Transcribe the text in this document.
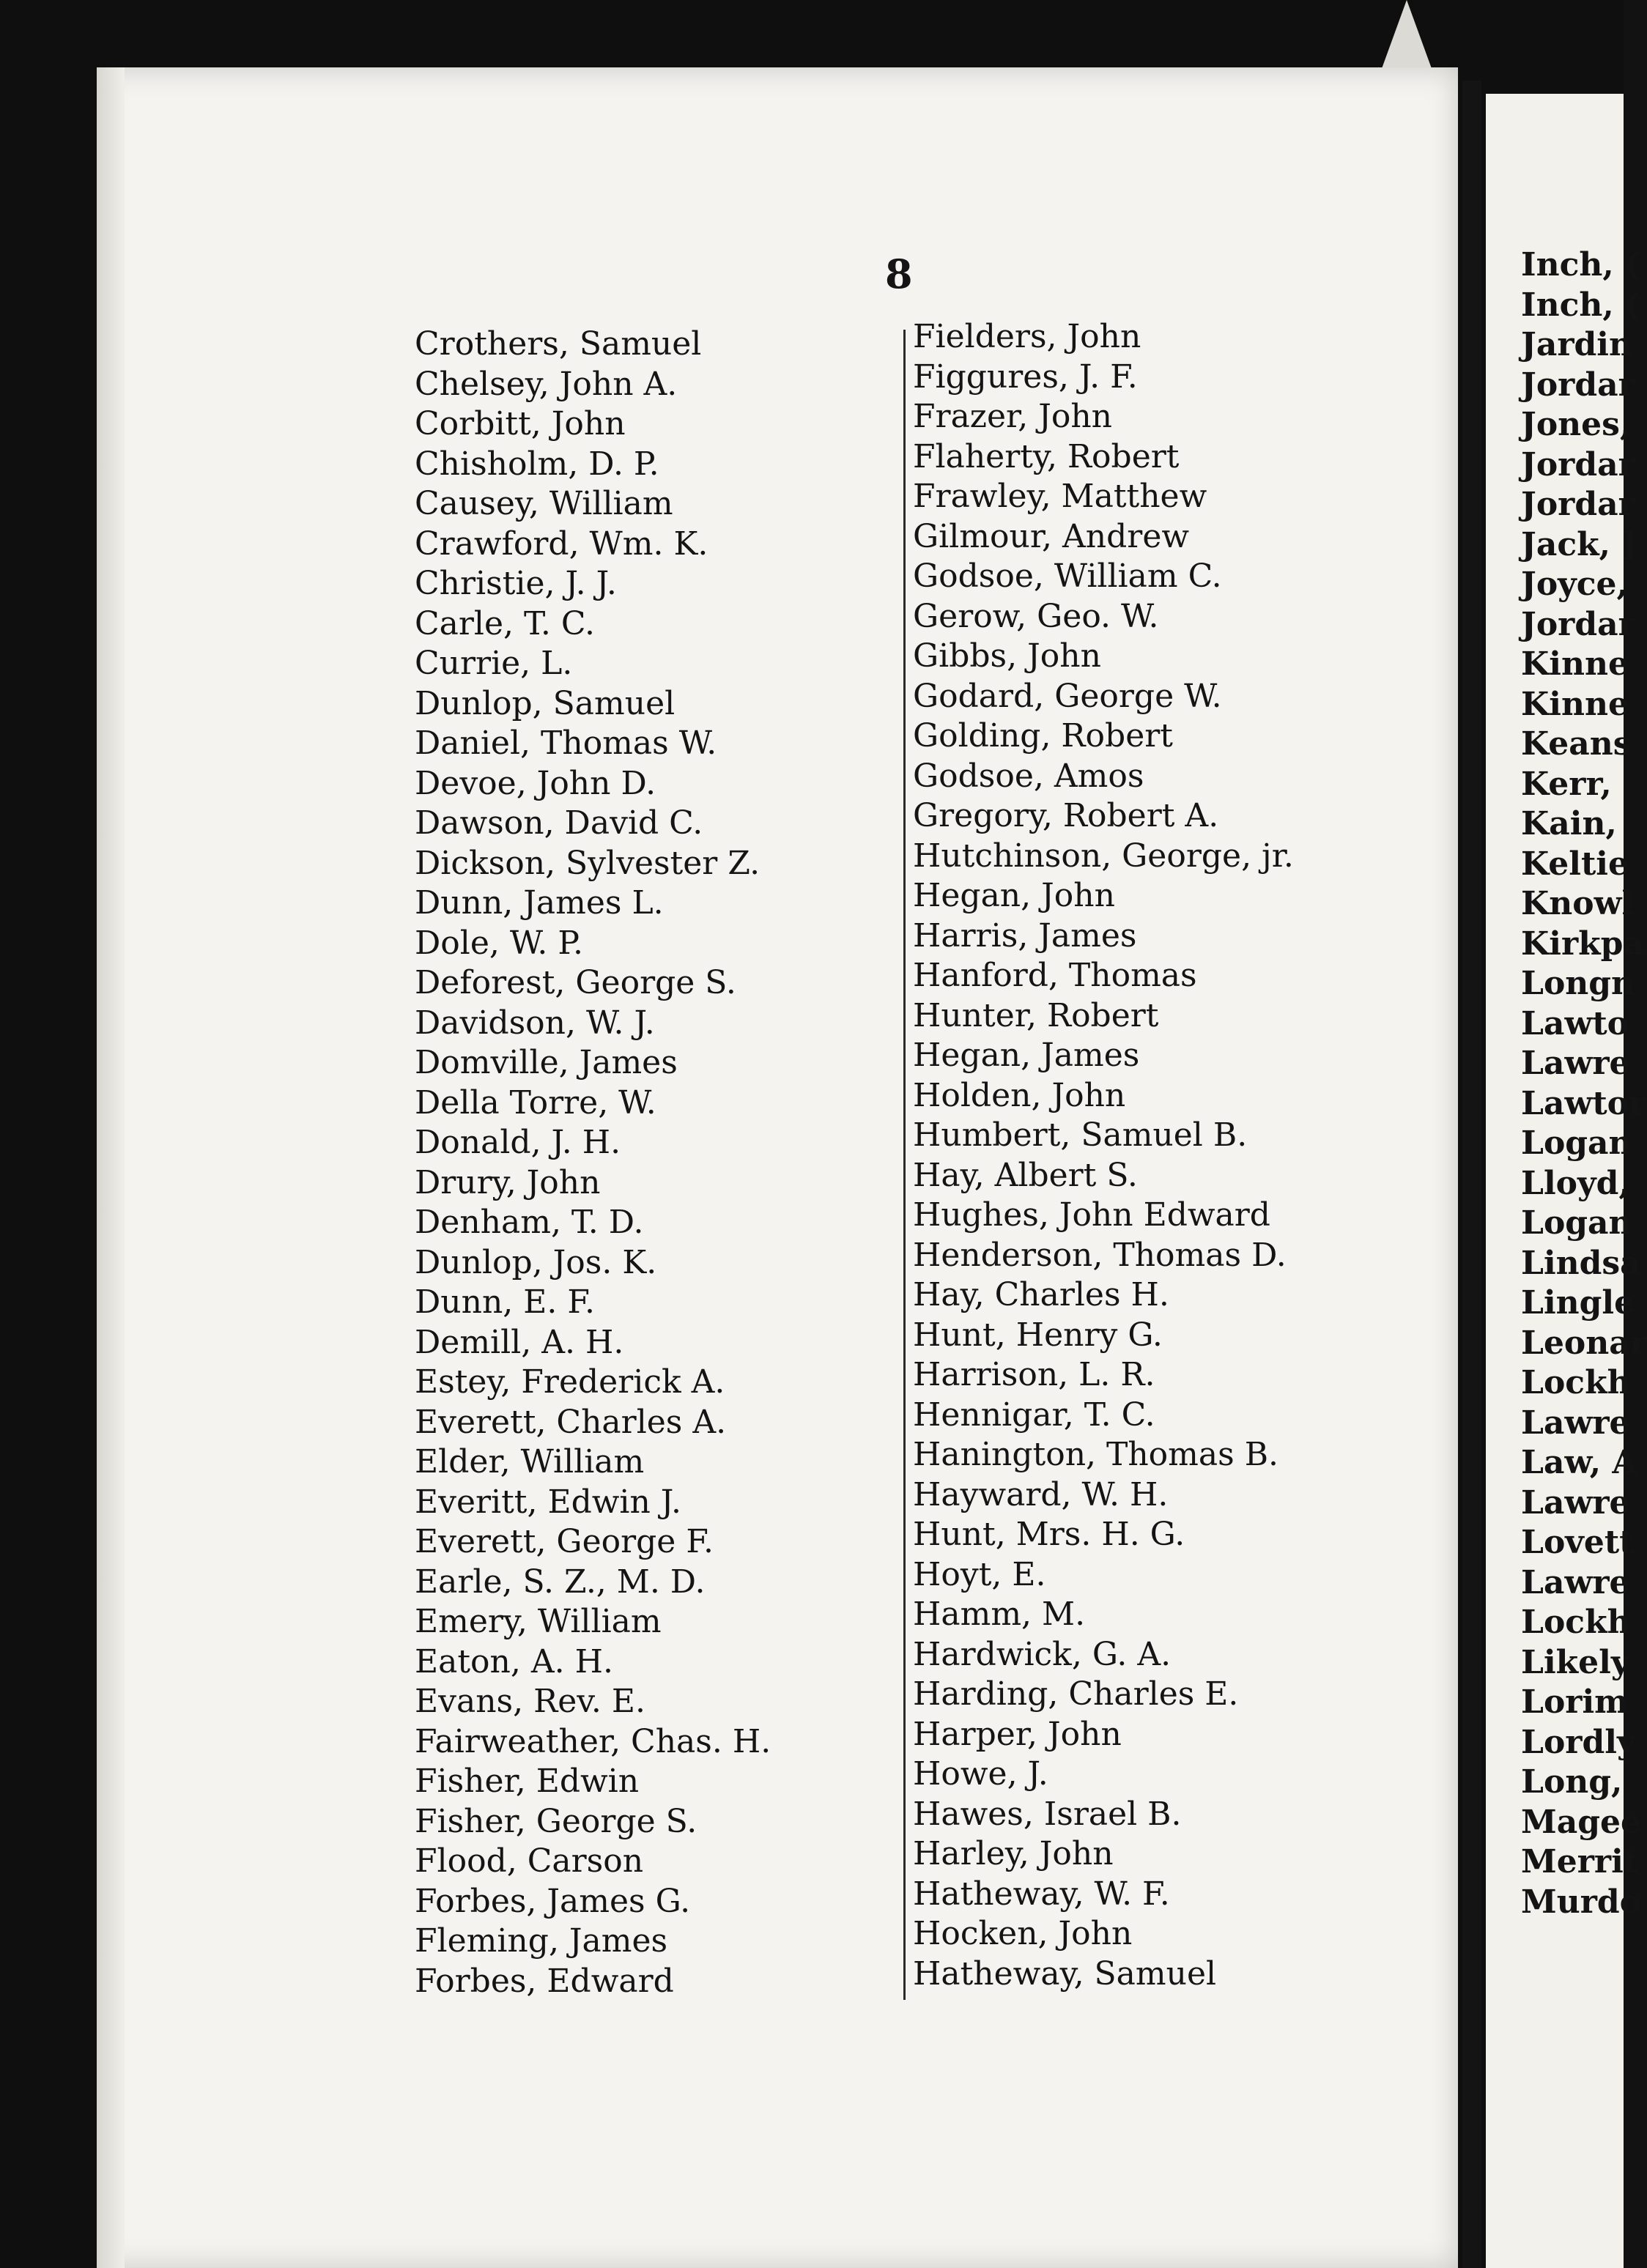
8
Crothers, Samuel
Chelsey, John A.
Corbitt, John
Chisholm, D. P.
Causey, William
Crawford, Wm. K.
Christie, J. J.
Carle, T. C.
Currie, L.
Dunlop, Samuel
Daniel, Thomas W.
Devoe, John D.
Dawson, David C.
Dickson, Sylvester Z.
Dunn, James L.
Dole, W. P.
Deforest, George S.
Davidson, W. J.
Domville, James
Della Torre, W.
Donald, J. H.
Drury, John
Denham, T. D.
Dunlop, Jos. K.
Dunn, E. F.
Demill, A. H.
Estey, Frederick A.
Everett, Charles A.
Elder, William
Everitt, Edwin J.
Everett, George F.
Earle, S. Z., M. D.
Emery, William
Eaton, A. H.
Evans, Rev. E.
Fairweather, Chas. H.
Fisher, Edwin
Fisher, George S.
Flood, Carson
Forbes, James G.
Fleming, James
Forbes, Edward
Fielders, John
Figgures, J. F.
Frazer, John
Flaherty, Robert
Frawley, Matthew
Gilmour, Andrew
Godsoe, William C.
Gerow, Geo. W.
Gibbs, John
Godard, George W.
Golding, Robert
Godsoe, Amos
Gregory, Robert A.
Hutchinson, George, jr.
Hegan, John
Harris, James
Hanford, Thomas
Hunter, Robert
Hegan, James
Holden, John
Humbert, Samuel B.
Hay, Albert S.
Hughes, John Edward
Henderson, Thomas D.
Hay, Charles H.
Hunt, Henry G.
Harrison, L. R.
Hennigar, T. C.
Hanington, Thomas B.
Hayward, W. H.
Hunt, Mrs. H. G.
Hoyt, E.
Hamm, M.
Hardwick, G. A.
Harding, Charles E.
Harper, John
Howe, J.
Hawes, Israel B.
Harley, John
Hatheway, W. F.
Hocken, John
Hatheway, Samuel
Inch, (
Inch, (
Jardin
Jordar
Jones,
Jordar
Jordar
Jack, ]
Joyce,
Jordar
Kinne
Kinne
Keans
Kerr,
Kain,
Keltie
Knowl
Kirkpa
Longn
Lawto
Lawre
Lawtor
Logan
Lloyd,
Logan
Lindsa
Lingle
Leonar
Lockh
Lawre
Law, A
Lawre
Lovett
Lawre
Lockh
Likely
Lorim
Lordly
Long,
Magee
Merrit
Murdo
